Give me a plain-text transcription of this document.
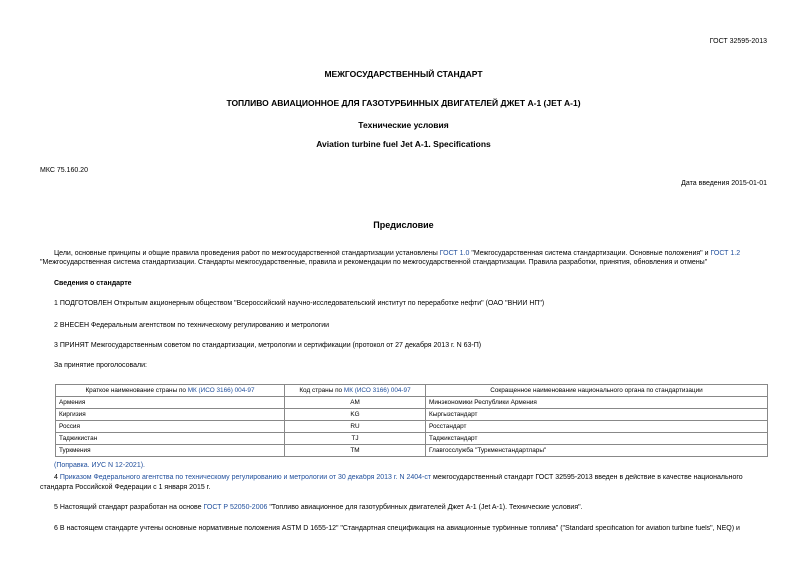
ГОСТ 32595-2013
МЕЖГОСУДАРСТВЕННЫЙ СТАНДАРТ
ТОПЛИВО АВИАЦИОННОЕ ДЛЯ ГАЗОТУРБИННЫХ ДВИГАТЕЛЕЙ ДЖЕТ А-1 (JET A-1)
Технические условия
Aviation turbine fuel Jet A-1. Specifications
МКС 75.160.20
Дата введения 2015-01-01
Предисловие
Цели, основные принципы и общие правила проведения работ по межгосударственной стандартизации установлены ГОСТ 1.0 "Межгосударственная система стандартизации. Основные положения" и ГОСТ 1.2
"Межгосударственная система стандартизации. Стандарты межгосударственные, правила и рекомендации по межгосударственной стандартизации. Правила разработки, принятия, обновления и отмены"
Сведения о стандарте
1 ПОДГОТОВЛЕН Открытым акционерным обществом "Всероссийский научно-исследовательский институт по переработке нефти" (ОАО "ВНИИ НП")
2 ВНЕСЕН Федеральным агентством по техническому регулированию и метрологии
3 ПРИНЯТ Межгосударственным советом по стандартизации, метрологии и сертификации (протокол от 27 декабря 2013 г. N 63-П)
За принятие проголосовали:
Краткое наименование страны по МК (ИСО 3166) 004-97	Код страны по МК (ИСО 3166) 004-97	Сокращенное наименование национального органа по стандартизации
Армения	AM	Минэкономики Республики Армения
Киргизия	KG	Кыргызстандарт
Россия	RU	Росстандарт
Таджикистан	TJ	Таджикстандарт
Туркмения	TM	Главгосслужба "Туркменстандартлары"
(Поправка. ИУС N 12-2021).
4 Приказом Федерального агентства по техническому регулированию и метрологии от 30 декабря 2013 г. N 2404-ст межгосударственный стандарт ГОСТ 32595-2013 введен в действие в качестве национального
стандарта Российской Федерации с 1 января 2015 г.
5 Настоящий стандарт разработан на основе ГОСТ Р 52050-2006 "Топливо авиационное для газотурбинных двигателей Джет А-1 (Jet A-1). Технические условия".
6 В настоящем стандарте учтены основные нормативные положения ASTM D 1655-12" "Стандартная спецификация на авиационные турбинные топлива" ("Standard specification for aviation turbine fuels", NEQ) и
